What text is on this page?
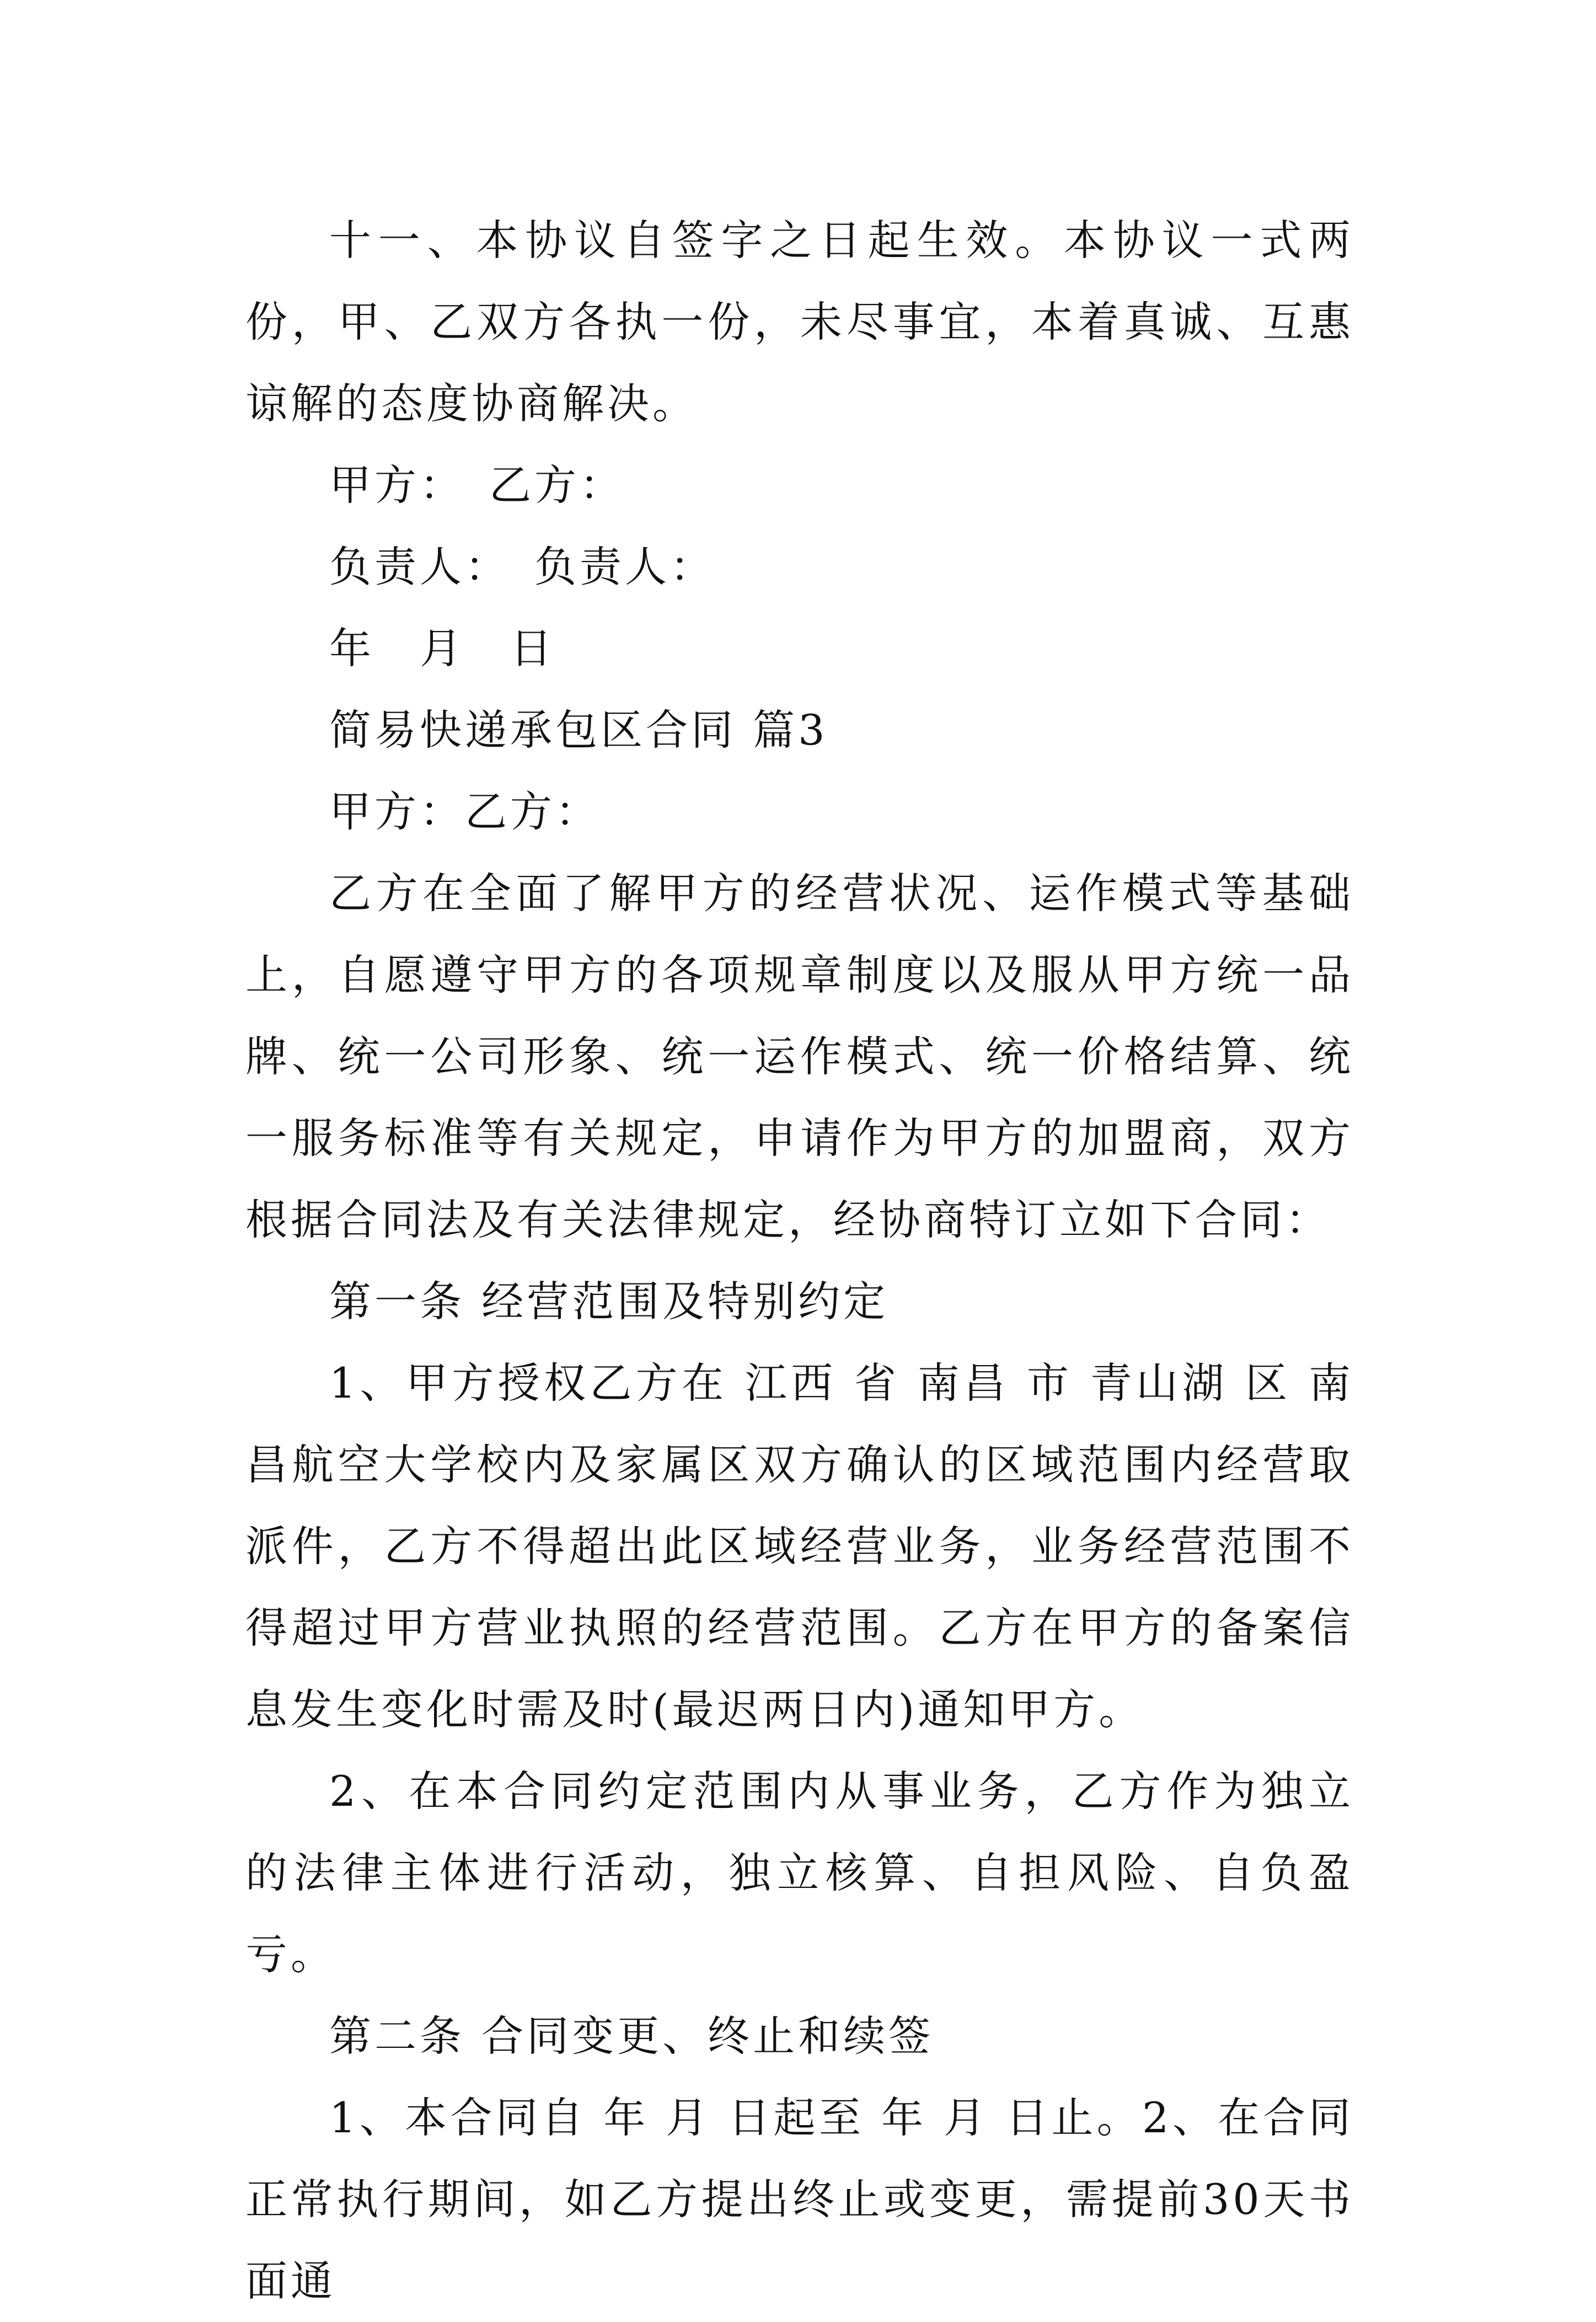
十一、本协议自签字之日起生效。本协议一式两份，甲、乙双方各执一份，未尽事宜，本着真诚、互惠谅解的态度协商解决。

甲方：　乙方：

负责人：　负责人：

年　月　日

简易快递承包区合同 篇3

甲方：乙方：

乙方在全面了解甲方的经营状况、运作模式等基础上，自愿遵守甲方的各项规章制度以及服从甲方统一品牌、统一公司形象、统一运作模式、统一价格结算、统一服务标准等有关规定，申请作为甲方的加盟商，双方根据合同法及有关法律规定，经协商特订立如下合同：

第一条 经营范围及特别约定

1、甲方授权乙方在 江西 省 南昌 市 青山湖 区 南昌航空大学校内及家属区双方确认的区域范围内经营取派件，乙方不得超出此区域经营业务，业务经营范围不得超过甲方营业执照的经营范围。乙方在甲方的备案信息发生变化时需及时(最迟两日内)通知甲方。

2、在本合同约定范围内从事业务，乙方作为独立的法律主体进行活动，独立核算、自担风险、自负盈亏。

第二条 合同变更、终止和续签

1、本合同自 年 月 日起至 年 月 日止。2、在合同正常执行期间，如乙方提出终止或变更，需提前30天书面通
